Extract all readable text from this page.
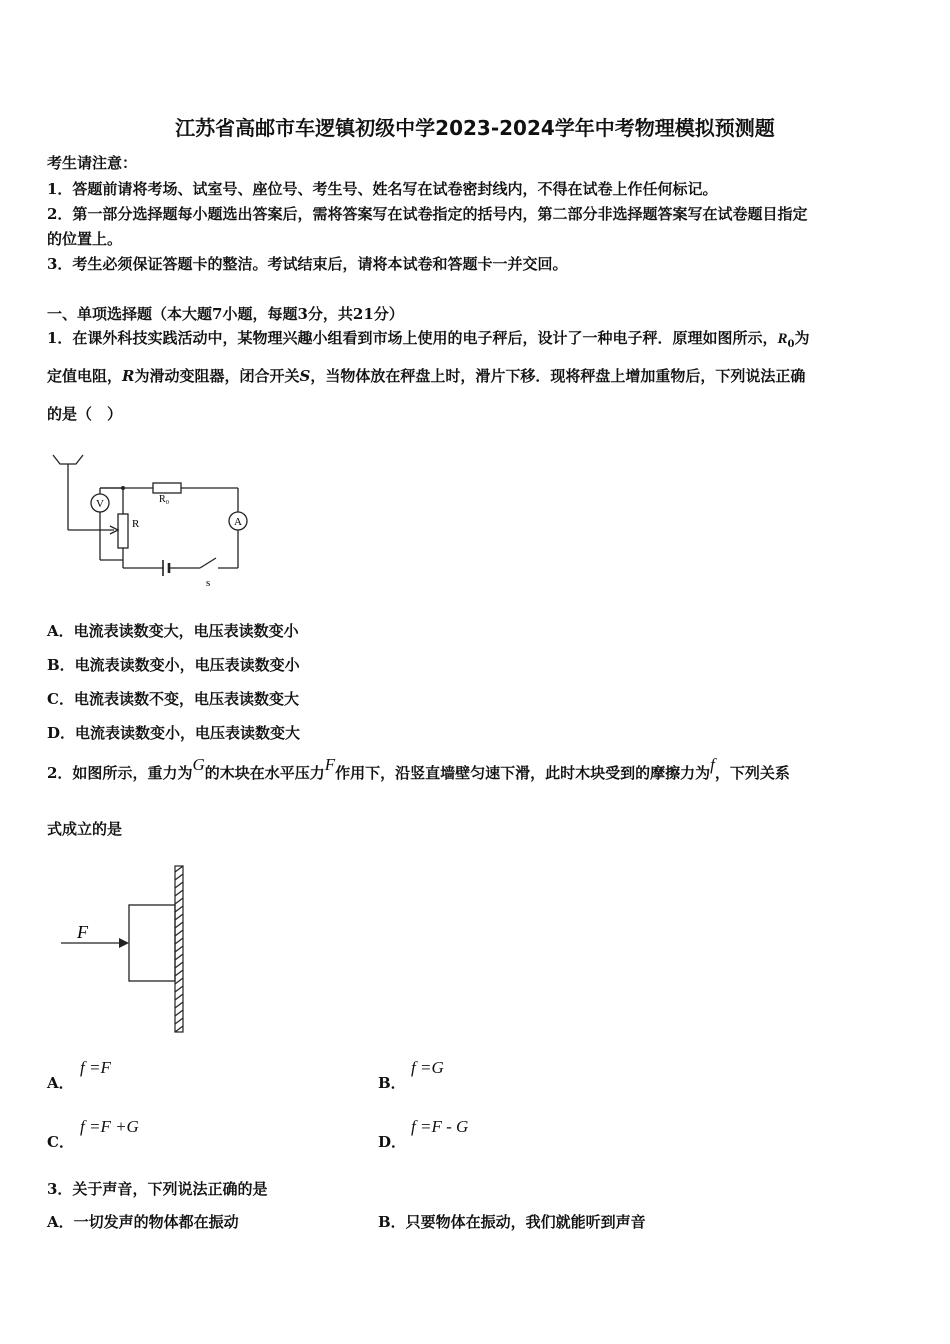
江苏省高邮市车逻镇初级中学2023-2024学年中考物理模拟预测题
考生请注意：
1．答题前请将考场、试室号、座位号、考生号、姓名写在试卷密封线内，不得在试卷上作任何标记。
2．第一部分选择题每小题选出答案后，需将答案写在试卷指定的括号内，第二部分非选择题答案写在试卷题目指定
的位置上。
3．考生必须保证答题卡的整洁。考试结束后，请将本试卷和答题卡一并交回。
一、单项选择题（本大题7小题，每题3分，共21分）
1．在课外科技实践活动中，某物理兴趣小组看到市场上使用的电子秤后，设计了一种电子秤．原理如图所示，$R_0$为
定值电阻，R为滑动变阻器，闭合开关S，当物体放在秤盘上时，滑片下移．现将秤盘上增加重物后，下列说法正确
的是（　）
V
A
R₀
R
s
A．电流表读数变大，电压表读数变小
B．电流表读数变小，电压表读数变小
C．电流表读数不变，电压表读数变大
D．电流表读数变小，电压表读数变大
2．如图所示，重力为G的木块在水平压力F作用下，沿竖直墙壁匀速下滑，此时木块受到的摩擦力为f，下列关系
式成立的是
F
A．
f =F
B．
f =G
C．
f =F +G
D．
f =F - G
3．关于声音，下列说法正确的是
A．一切发声的物体都在振动	B．只要物体在振动，我们就能听到声音
